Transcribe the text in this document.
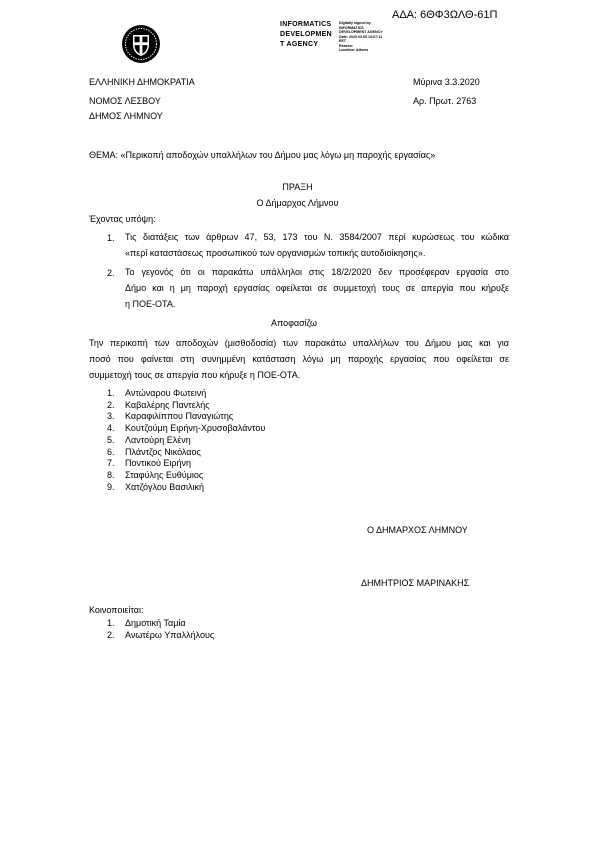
ΑΔΑ: 6ΘΦ3ΩΛΘ-61Π
INFORMATICS
DEVELOPMEN
T AGENCY
Digitally signed by
INFORMATICS
DEVELOPMENT AGENCY
Date: 2020.03.05 13:07:11
EET
Reason:
Location: Athens
ΕΛΛΗΝΙΚΗ ΔΗΜΟΚΡΑΤΙΑ
ΝΟΜΟΣ ΛΕΣΒΟΥ
ΔΗΜΟΣ ΛΗΜΝΟΥ
Μύρινα 3.3.2020
Αρ. Πρωτ. 2763
ΘΕΜΑ: «Περικοπή αποδοχών υπαλλήλων του Δήμου μας λόγω μη παροχής εργασίας»
ΠΡΑΞΗ
Ο Δήμαρχος Λήμνου
Έχοντας υπόψη:
1. Τις διατάξεις των άρθρων 47, 53, 173 του Ν. 3584/2007 περί κυρώσεως του κώδικα
«περί καταστάσεως προσωπικού των οργανισμών τοπικής αυτοδιοίκησης».
2. Το γεγονός ότι οι παρακάτω υπάλληλοι στις 18/2/2020 δεν προσέφεραν εργασία στο
Δήμο και η μη παροχή εργασίας οφείλεται σε συμμετοχή τους σε απεργία που κήρυξε
η ΠΟΕ-ΟΤΑ.
Αποφασίζω
Την περικοπή των αποδοχών (μισθοδοσία) των παρακάτω υπαλλήλων του Δήμου μας και για
ποσό που φαίνεται στη συνημμένη κατάσταση λόγω μη παροχής εργασίας που οφείλεται σε
συμμετοχή τους σε απεργία που κήρυξε η ΠΟΕ-ΟΤΑ.
1. Αντώναρου Φωτεινή
2. Καβαλέρης Παντελής
3. Καραφιλίππου Παναγιώτης
4. Κουτζούμη Ειρήνη-Χρυσοβαλάντου
5. Λαντούρη Ελένη
6. Πλάντζος Νικόλαος
7. Ποντικού Ειρήνη
8. Σταφύλης Ευθύμιος
9. Χατζόγλου Βασιλική
Ο ΔΗΜΑΡΧΟΣ ΛΗΜΝΟΥ
ΔΗΜΗΤΡΙΟΣ ΜΑΡΙΝΑΚΗΣ
Κοινοποιείται:
1. Δημοτική Ταμία
2. Ανωτέρω Υπαλλήλους
